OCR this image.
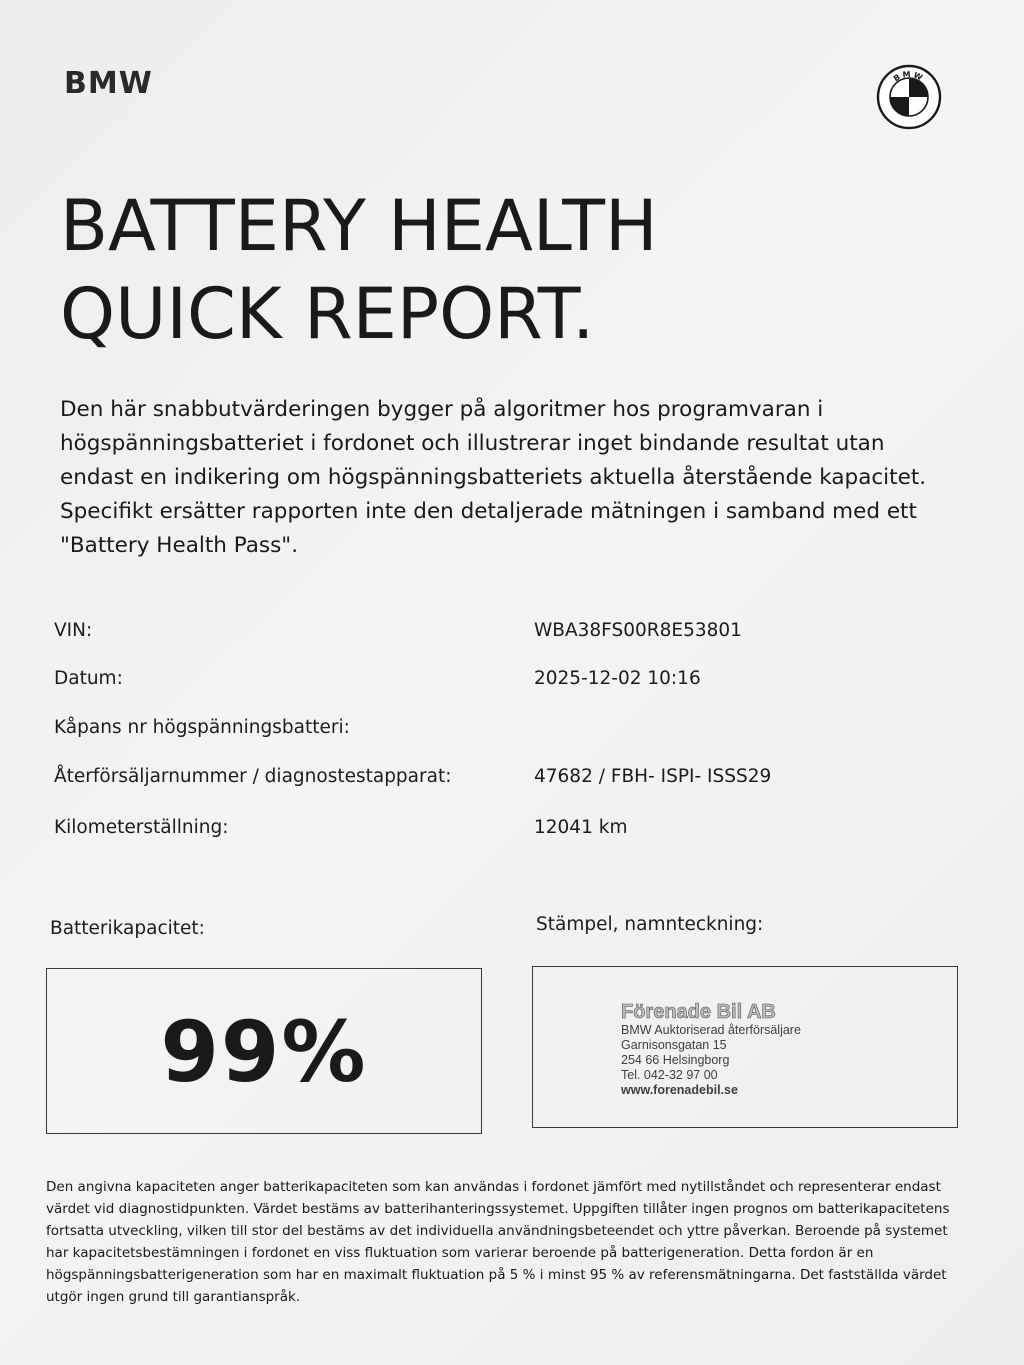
BMW	BMW
BATTERY HEALTH
QUICK REPORT.

Den här snabbutvärderingen bygger på algoritmer hos programvaran i högspänningsbatteriet i fordonet och illustrerar inget bindande resultat utan endast en indikering om högspänningsbatteriets aktuella återstående kapacitet. Specifikt ersätter rapporten inte den detaljerade mätningen i samband med ett "Battery Health Pass".

VIN:	WBA38FS00R8E53801
Datum:	2025-12-02 10:16
Kåpans nr högspänningsbatteri:
Återförsäljarnummer / diagnostestapparat:	47682 / FBH- ISPI- ISSS29
Kilometerställning:	12041 km
Batterikapacitet:	Stämpel, namnteckning:
99%	Förenade Bil AB
BMW Auktoriserad återförsäljare
Garnisonsgatan 15
254 66 Helsingborg
Tel. 042-32 97 00
www.forenadebil.se

Den angivna kapaciteten anger batterikapaciteten som kan användas i fordonet jämfört med nytillståndet och representerar endast värdet vid diagnostidpunkten. Värdet bestäms av batterihanteringssystemet. Uppgiften tillåter ingen prognos om batterikapacitetens fortsatta utveckling, vilken till stor del bestäms av det individuella användningsbeteendet och yttre påverkan. Beroende på systemet har kapacitetsbestämningen i fordonet en viss fluktuation som varierar beroende på batterigeneration. Detta fordon är en högspänningsbatterigeneration som har en maximalt fluktuation på 5 % i minst 95 % av referensmätningarna. Det fastställda värdet utgör ingen grund till garantianspråk.
